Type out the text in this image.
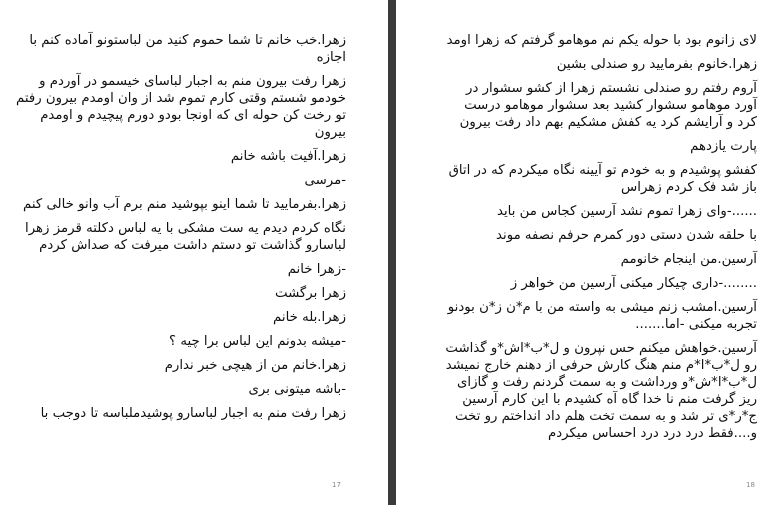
زهرا.خب خانم تا شما حموم کنید من لباستونو آماده کنم با اجازه

زهرا رفت بیرون منم به اجبار لباسای خیسمو در آوردم و خودمو شستم وقتی کارم تموم شد از وان اومدم بیرون رفتم تو رخت کن حوله ای که اونجا بودو دورم پیچیدم و اومدم بیرون

زهرا.آفیت باشه خانم

-مرسی

زهرا.بفرمایید تا شما اینو بپوشید منم برم آب وانو خالی کنم

نگاه کردم دیدم یه ست مشکی با یه لباس دکلته قرمز زهرا لباسارو گذاشت تو دستم داشت میرفت که صداش کردم

-زهرا خانم

زهرا برگشت

زهرا.بله خانم

-میشه بدونم این لباس برا چیه ؟

زهرا.خانم من از هیچی خبر ندارم

-باشه میتونی بری

زهرا رفت منم به اجبار لباسارو پوشیدملباسه تا دوجب با

17

لای زانوم بود با حوله یکم نم موهامو گرفتم که زهرا اومد

زهرا.خانوم بفرمایید رو صندلی بشین

آروم رفتم رو صندلی نشستم زهرا از کشو سشوار در آورد موهامو سشوار کشید بعد سشوار موهامو درست کرد و آرایشم کرد یه کفش مشکیم بهم داد رفت بیرون

پارت یازدهم

کفشو پوشیدم و به خودم تو آیینه نگاه میکردم که در اتاق باز شد فک کردم زهراس

......-وای زهرا تموم نشد آرسین کجاس من باید

با حلقه شدن دستی دور کمرم حرفم نصفه موند

آرسین.من اینجام خانومم

........-داری چیکار میکنی آرسین من خواهر ز

آرسین.امشب زنم میشی به واسته من با م*ن ز*ن بودنو تجربه میکنی -اما.......

آرسین.خواهش میکنم حس نپرون و ل*ب*اش*و گذاشت رو ل*ب*ا*م منم هنگ کارش حرفی از دهنم خارج نمیشد ل*ب*ا*ش*و ورداشت و به سمت گردنم رفت و گازای ریز گرفت منم نا خدا گاه آه کشیدم با این کارم آرسین ج*ر*ی تر شد و به سمت تخت هلم داد انداختم رو تخت و....فقط درد درد درد احساس میکردم

18
